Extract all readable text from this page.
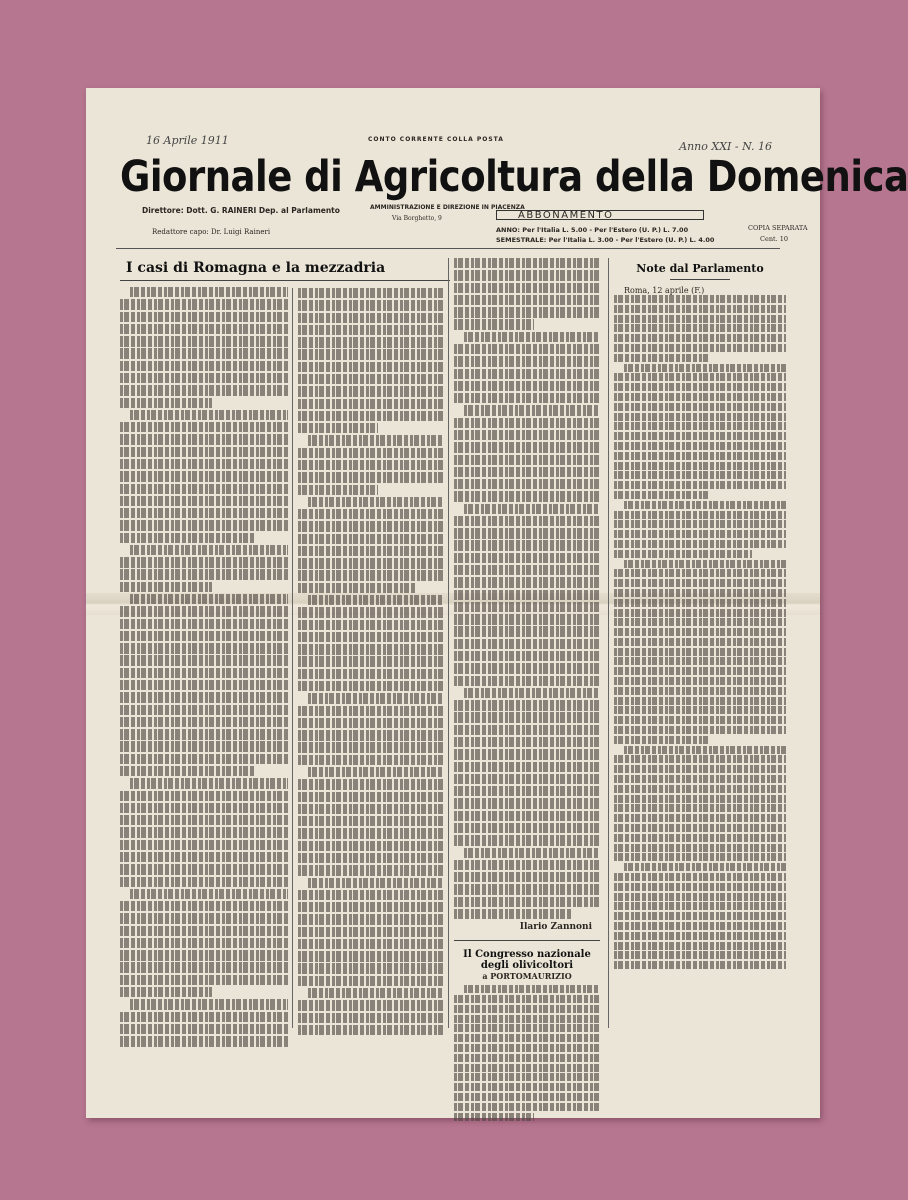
16 Aprile 1911	CONTO CORRENTE COLLA POSTA
Anno XXI - N. 16
Giornale di Agricoltura della Domenica
Direttore: Dott. G. RAINERI Dep. al Parlamento
Redattore capo: Dr. Luigi Raineri
AMMINISTRAZIONE E DIREZIONE IN PIACENZA
Via Borghetto, 9	ABBONAMENTO
ANNO: Per l'Italia L. 5.00 - Per l'Estero (U. P.) L. 7.00
SEMESTRALE: Per l'Italia L. 3.00 - Per l'Estero (U. P.) L. 4.00
COPIA SEPARATA
Cent. 10
I casi di Romagna e la mezzadria
Ilario Zannoni
Il Congresso nazionale degli olivicoltori
a PORTOMAURIZIO
Note dal Parlamento
Roma, 12 aprile (F.)
